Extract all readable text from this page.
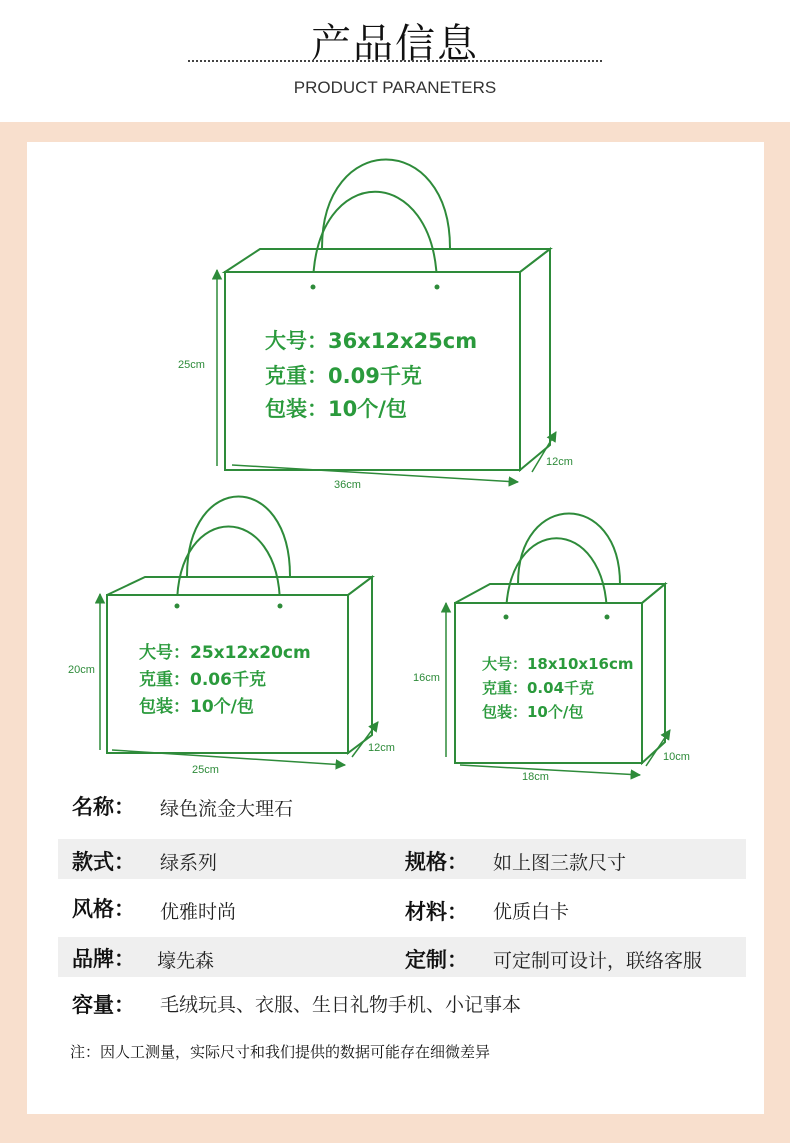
产品信息
PRODUCT PARANETERS
25cm
36cm
12cm
20cm
25cm
12cm
16cm
18cm
10cm
大号：36x12x25cm
克重：0.09千克
包装：10个/包
大号：25x12x20cm
克重：0.06千克
包装：10个/包
大号：18x10x16cm
克重：0.04千克
包装：10个/包
名称： 绿色流金大理石
款式： 绿系列	规格： 如上图三款尺寸
风格： 优雅时尚	材料： 优质白卡
品牌： 壕先森	定制： 可定制可设计，联络客服
容量： 毛绒玩具、衣服、生日礼物手机、小记事本
注：因人工测量，实际尺寸和我们提供的数据可能存在细微差异
